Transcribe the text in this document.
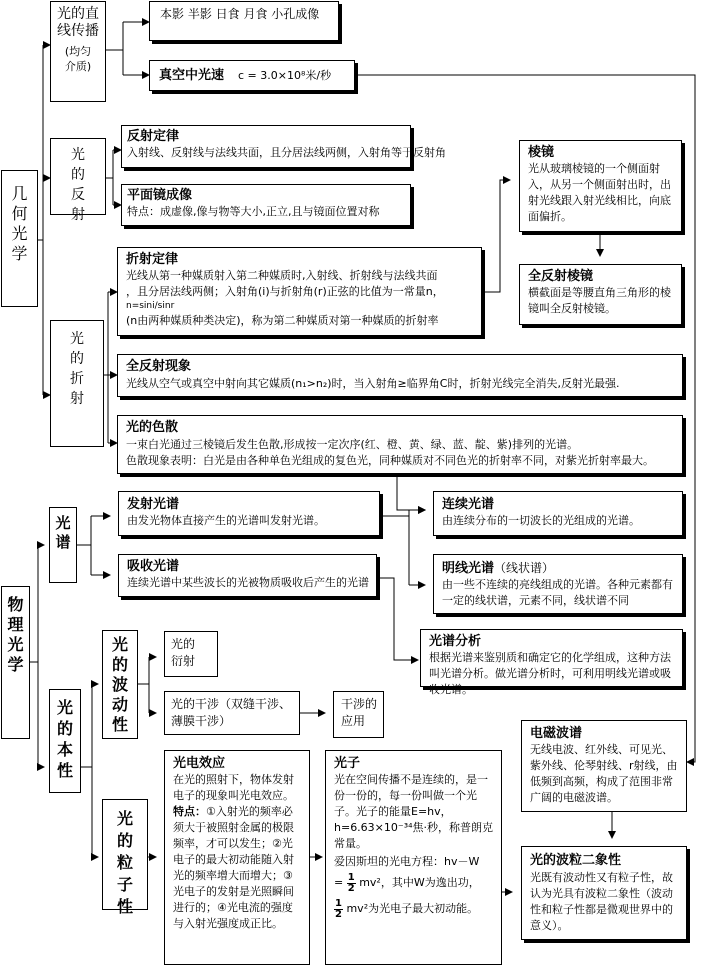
几何光学
光的直线传播
(均匀介质)
本影 半影 日食 月食 小孔成像
真空中光速 c = 3.0×10⁸米/秒
光的反射
反射定律
入射线、反射线与法线共面，且分居法线两侧，入射角等于反射角
平面镜成像
特点：成虚像,像与物等大小,正立,且与镜面位置对称
光的折射
折射定律
光线从第一种媒质射入第二种媒质时,入射线、折射线与法线共面
，且分居法线两侧；入射角(i)与折射角(r)正弦的比值为一常量n，
n=sini/sinr
(n由两种媒质种类决定)，称为第二种媒质对第一种媒质的折射率
全反射现象
光线从空气或真空中射向其它媒质(n₁>n₂)时，当入射角≥临界角C时，折射光线完全消失,反射光最强.
光的色散
一束白光通过三棱镜后发生色散,形成按一定次序(红、橙、黄、绿、蓝、靛、紫)排列的光谱。
色散现象表明：白光是由各种单色光组成的复色光，同种媒质对不同色光的折射率不同，对紫光折射率最大。
棱镜
光从玻璃棱镜的一个侧面射入，从另一个侧面射出时，出射光线跟入射光线相比，向底面偏折。
全反射棱镜
横截面是等腰直角三角形的棱镜叫全反射棱镜。
物理光学
光谱
发射光谱
由发光物体直接产生的光谱叫发射光谱。
吸收光谱
连续光谱中某些波长的光被物质吸收后产生的光谱
连续光谱
由连续分布的一切波长的光组成的光谱。
明线光谱（线状谱）
由一些不连续的亮线组成的光谱。各种元素都有一定的线状谱，元素不同，线状谱不同
光谱分析
根据光谱来鉴别质和确定它的化学组成，这种方法叫光谱分析。做光谱分析时，可利用明线光谱或吸收光谱。
光的本性
光的波动性
光的衍射
光的干涉（双缝干涉、薄膜干涉）
干涉的应用
光的粒子性
光电效应
在光的照射下，物体发射电子的现象叫光电效应。
特点：①入射光的频率必须大于被照射金属的极限频率，才可以发生；②光电子的最大初动能随入射光的频率增大而增大；③光电子的发射是光照瞬间进行的；④光电流的强度与入射光强度成正比。
光子
光在空间传播不是连续的，是一份一份的，每一份叫做一个光子。光子的能量E=hv，h=6.63×10⁻³⁴焦·秒，称普朗克常量。
爱因斯坦的光电方程：hv－W
= $\frac{1}{2} mv^2$，其中W为逸出功，
$\frac{1}{2} mv^2$为光电子最大初动能。
电磁波谱
无线电波、红外线、可见光、紫外线、伦琴射线、r射线，由低频到高频，构成了范围非常广阔的电磁波谱。
光的波粒二象性
光既有波动性又有粒子性，故认为光具有波粒二象性（波动性和粒子性都是微观世界中的意义）。
